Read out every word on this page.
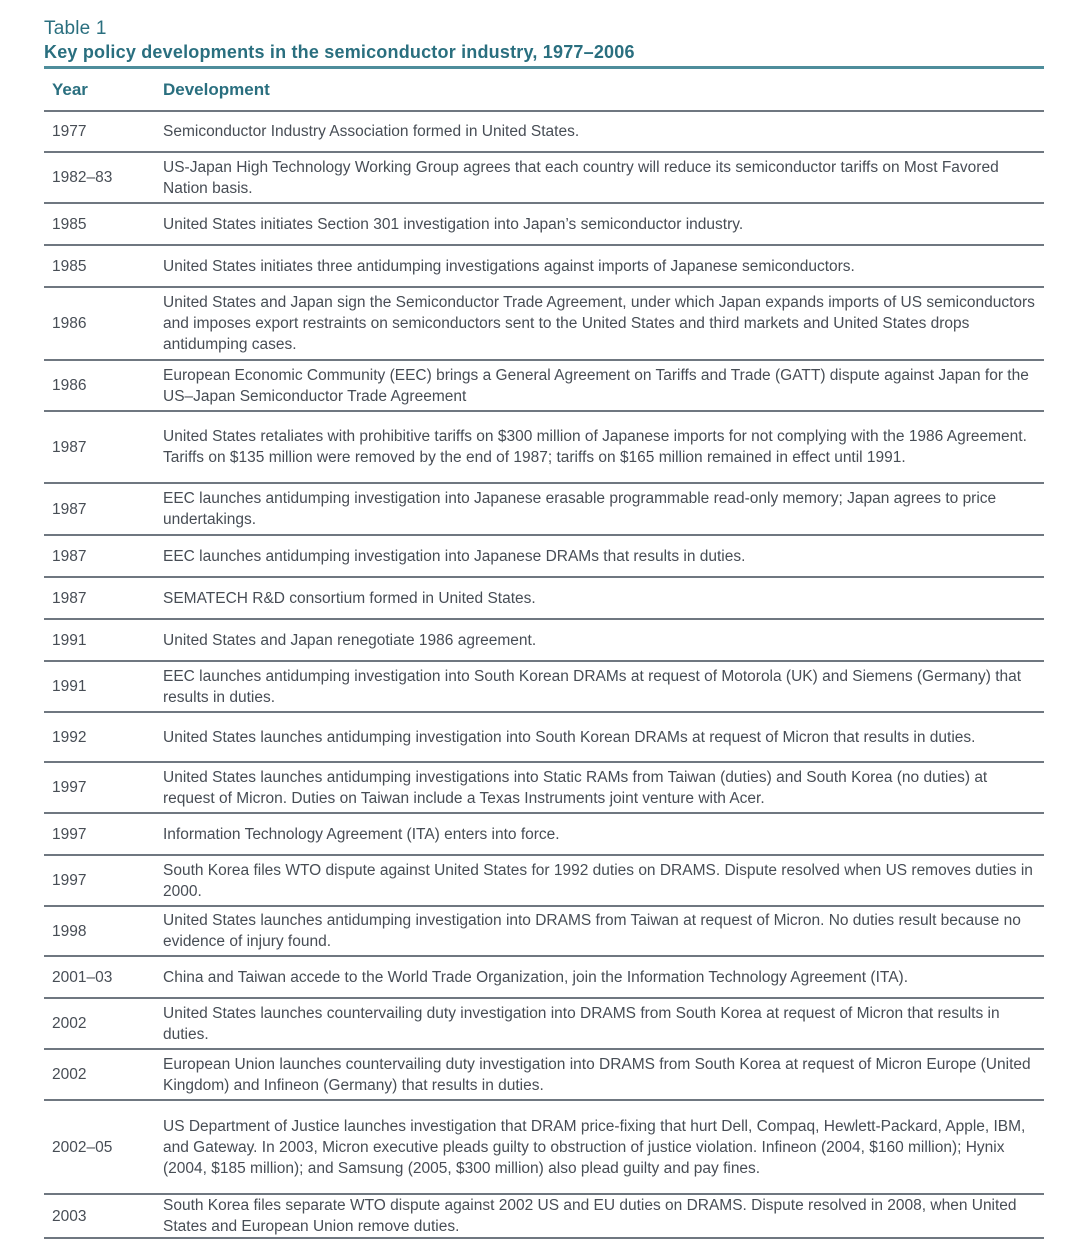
Table 1
Key policy developments in the semiconductor industry, 1977–2006
Year	Development
1977	Semiconductor Industry Association formed in United States.
1982–83	US-Japan High Technology Working Group agrees that each country will reduce its semiconductor tariffs on Most Favored Nation basis.
1985	United States initiates Section 301 investigation into Japan’s semiconductor industry.
1985	United States initiates three antidumping investigations against imports of Japanese semiconductors.
1986	United States and Japan sign the Semiconductor Trade Agreement, under which Japan expands imports of US semiconductors and imposes export restraints on semiconductors sent to the United States and third markets and United States drops antidumping cases.
1986	European Economic Community (EEC) brings a General Agreement on Tariffs and Trade (GATT) dispute against Japan for the US–Japan Semiconductor Trade Agreement
1987	United States retaliates with prohibitive tariffs on $300 million of Japanese imports for not complying with the 1986 Agreement. Tariffs on $135 million were removed by the end of 1987; tariffs on $165 million remained in effect until 1991.
1987	EEC launches antidumping investigation into Japanese erasable programmable read-only memory; Japan agrees to price undertakings.
1987	EEC launches antidumping investigation into Japanese DRAMs that results in duties.
1987	SEMATECH R&D consortium formed in United States.
1991	United States and Japan renegotiate 1986 agreement.
1991	EEC launches antidumping investigation into South Korean DRAMs at request of Motorola (UK) and Siemens (Germany) that results in duties.
1992	United States launches antidumping investigation into South Korean DRAMs at request of Micron that results in duties.
1997	United States launches antidumping investigations into Static RAMs from Taiwan (duties) and South Korea (no duties) at request of Micron. Duties on Taiwan include a Texas Instruments joint venture with Acer.
1997	Information Technology Agreement (ITA) enters into force.
1997	South Korea files WTO dispute against United States for 1992 duties on DRAMS. Dispute resolved when US removes duties in 2000.
1998	United States launches antidumping investigation into DRAMS from Taiwan at request of Micron. No duties result because no evidence of injury found.
2001–03	China and Taiwan accede to the World Trade Organization, join the Information Technology Agreement (ITA).
2002	United States launches countervailing duty investigation into DRAMS from South Korea at request of Micron that results in duties.
2002	European Union launches countervailing duty investigation into DRAMS from South Korea at request of Micron Europe (United Kingdom) and Infineon (Germany) that results in duties.
2002–05	US Department of Justice launches investigation that DRAM price-fixing that hurt Dell, Compaq, Hewlett-Packard, Apple, IBM, and Gateway. In 2003, Micron executive pleads guilty to obstruction of justice violation. Infineon (2004, $160 million); Hynix (2004, $185 million); and Samsung (2005, $300 million) also plead guilty and pay fines.
2003	South Korea files separate WTO dispute against 2002 US and EU duties on DRAMS. Dispute resolved in 2008, when United States and European Union remove duties.
